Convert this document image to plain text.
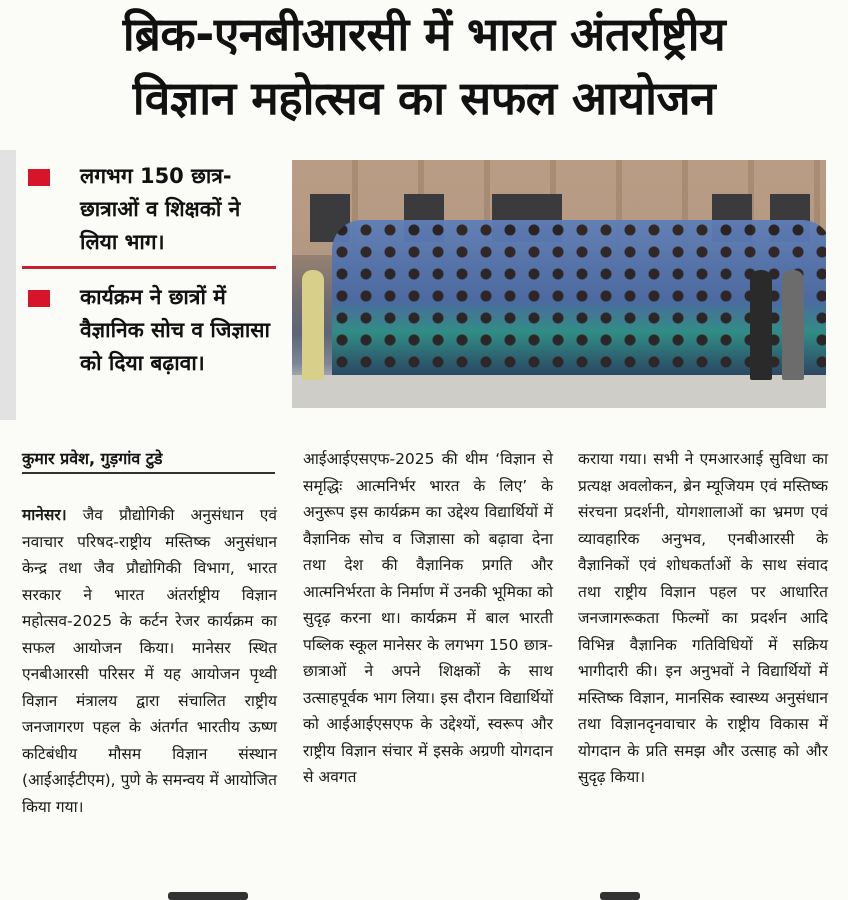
ब्रिक-एनबीआरसी में भारत अंतर्राष्ट्रीय
विज्ञान महोत्सव का सफल आयोजन
लगभग 150 छात्र-छात्राओं व शिक्षकों ने लिया भाग।
कार्यक्रम ने छात्रों में वैज्ञानिक सोच व जिज्ञासा को दिया बढ़ावा।
कुमार प्रवेश, गुड़गांव टुडे

मानेसर। जैव प्रौद्योगिकी अनुसंधान एवं नवाचार परिषद-राष्ट्रीय मस्तिष्क अनुसंधान केन्द्र तथा जैव प्रौद्योगिकी विभाग, भारत सरकार ने भारत अंतर्राष्ट्रीय विज्ञान महोत्सव-2025 के कर्टन रेजर कार्यक्रम का सफल आयोजन किया। मानेसर स्थित एनबीआरसी परिसर में यह आयोजन पृथ्वी विज्ञान मंत्रालय द्वारा संचालित राष्ट्रीय जनजागरण पहल के अंतर्गत भारतीय ऊष्ण कटिबंधीय मौसम विज्ञान संस्थान (आईआईटीएम), पुणे के समन्वय में आयोजित किया गया।

आईआईएसएफ-2025 की थीम ‘विज्ञान से समृद्धिः आत्मनिर्भर भारत के लिए’ के अनुरूप इस कार्यक्रम का उद्देश्य विद्यार्थियों में वैज्ञानिक सोच व जिज्ञासा को बढ़ावा देना तथा देश की वैज्ञानिक प्रगति और आत्मनिर्भरता के निर्माण में उनकी भूमिका को सुदृढ़ करना था। कार्यक्रम में बाल भारती पब्लिक स्कूल मानेसर के लगभग 150 छात्र-छात्राओं ने अपने शिक्षकों के साथ उत्साहपूर्वक भाग लिया। इस दौरान विद्यार्थियों को आईआईएसएफ के उद्देश्यों, स्वरूप और राष्ट्रीय विज्ञान संचार में इसके अग्रणी योगदान से अवगत

कराया गया। सभी ने एमआरआई सुविधा का प्रत्यक्ष अवलोकन, ब्रेन म्यूजियम एवं मस्तिष्क संरचना प्रदर्शनी, योगशालाओं का भ्रमण एवं व्यावहारिक अनुभव, एनबीआरसी के वैज्ञानिकों एवं शोधकर्ताओं के साथ संवाद तथा राष्ट्रीय विज्ञान पहल पर आधारित जनजागरूकता फिल्मों का प्रदर्शन आदि विभिन्न वैज्ञानिक गतिविधियों में सक्रिय भागीदारी की। इन अनुभवों ने विद्यार्थियों में मस्तिष्क विज्ञान, मानसिक स्वास्थ्य अनुसंधान तथा विज्ञानदृनवाचार के राष्ट्रीय विकास में योगदान के प्रति समझ और उत्साह को और सुदृढ़ किया।
